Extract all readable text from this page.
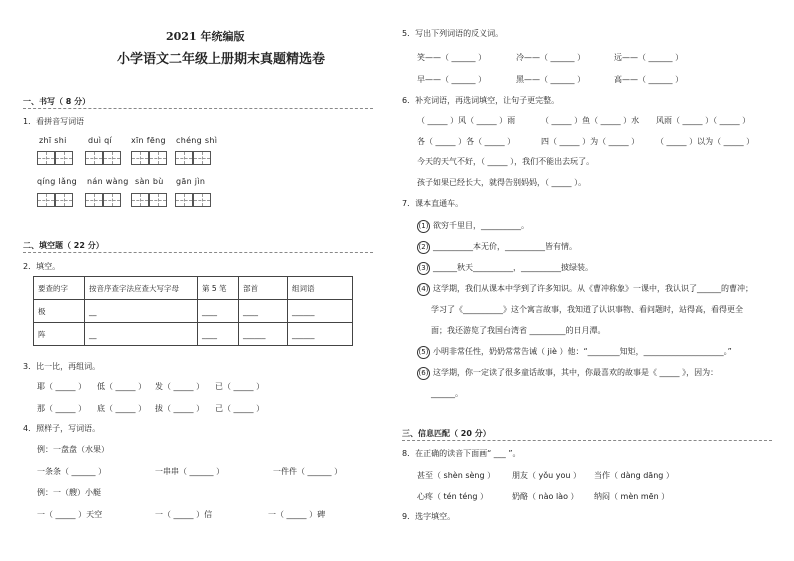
2021 年统编版
小学语文二年级上册期末真题精选卷
一、书写（ 8 分）
1．看拼音写词语
zhī shi	duì qí xīn fēng chéng shì
qíng lǎng nán wàng sàn bù gān jìn
二、填空题（ 22 分）
2．填空。
要查的字	按音序查字法应查大写字母	第 5 笔	部首	组词语
极	__	____	____	______
阵	__	____	______	______
3．比一比，再组词。
耶（ _____ ） 低（ _____ ） 发（ _____ ） 已（ _____ ）
那（ _____ ） 底（ _____ ） 拔（ _____ ） 己（ _____ ）
4．照样子，写词语。
例：一盘盘（水果）
一条条（ ______ ）	一串串（ ______ ）	一件件（ ______ ）
例：一（艘）小艇
一（ _____ ）天空	一（ _____ ）信	一（ _____ ）碑
5．写出下列词语的反义词。
笑——（ ______ ）	冷——（ ______ ）	远——（ ______ ）
早——（ ______ ）	黑——（ ______ ）	高——（ ______ ）
6．补充词语，再选词填空，让句子更完整。
（ _____ ）风（ _____ ）雨	（ _____ ）鱼（ _____ ）水 风雨（ _____ ）（ _____ ）
各（ _____ ）各（ _____ ）	四（ _____ ）为（ _____ ） （ _____ ）以为（ _____ ）
今天的天气不好，（ _____ ），我们不能出去玩了。
孩子如果已经长大，就得告别妈妈，（ _____ ）。
7．课本直通车。
(1) 欲穷千里目，__________。
(2) __________本无价，__________皆有情。
(3) ______秋天__________，__________披绿装。
(4) 这学期，我们从课本中学到了许多知识。从《曹冲称象》一课中，我认识了______的曹冲；
学习了《__________》这个寓言故事，我知道了认识事物、看问题时，站得高，看得更全
面；我还游览了我国台湾省 _________的日月潭。
(5) 小明非常任性，奶奶常常告诫（ jiè ）他：“________知矩，____________________。”
(6) 这学期，你一定读了很多童话故事，其中，你最喜欢的故事是《 _____ 》，因为：
______。
三、信息匹配（ 20 分）
8．在正确的读音下面画“ ___ ”。
甚至（ shèn sèng ） 朋友（ yǒu you ） 当作（ dàng dāng ）
心疼（ tén téng ）	奶酪（ nào lào ） 纳闷（ mèn mēn ）
9．选字填空。
